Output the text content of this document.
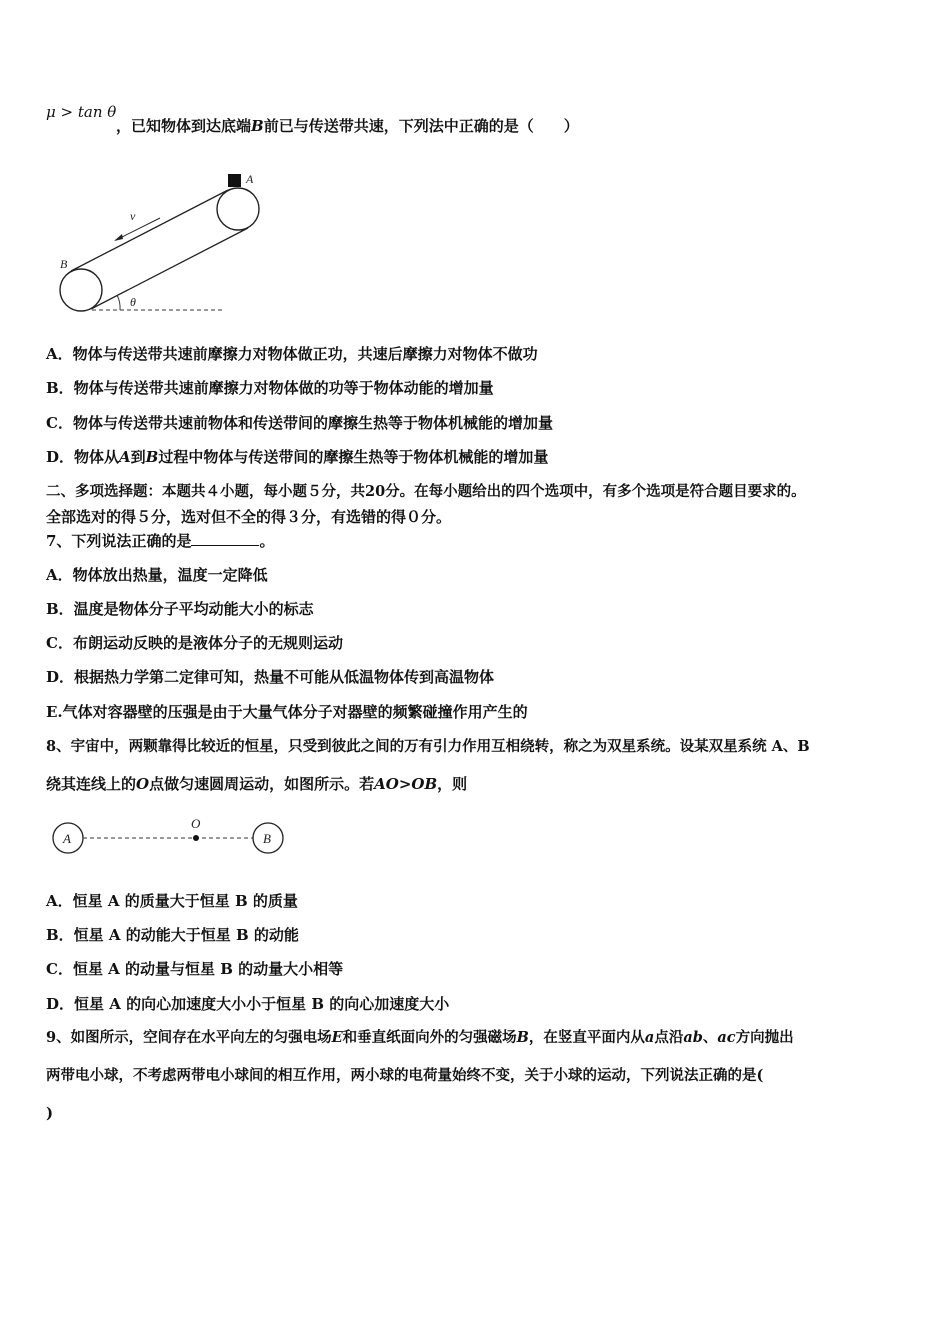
μ > tan θ
，已知物体到达底端B前已与传送带共速，下列法中正确的是（　　）
A
B
v
θ
A．物体与传送带共速前摩擦力对物体做正功，共速后摩擦力对物体不做功
B．物体与传送带共速前摩擦力对物体做的功等于物体动能的增加量
C．物体与传送带共速前物体和传送带间的摩擦生热等于物体机械能的增加量
D．物体从A到B过程中物体与传送带间的摩擦生热等于物体机械能的增加量
二、多项选择题：本题共４小题，每小题５分，共20分。在每小题给出的四个选项中，有多个选项是符合题目要求的。
全部选对的得５分，选对但不全的得３分，有选错的得０分。
7、下列说法正确的是	。
A．物体放出热量，温度一定降低
B．温度是物体分子平均动能大小的标志
C．布朗运动反映的是液体分子的无规则运动
D．根据热力学第二定律可知，热量不可能从低温物体传到高温物体
E.气体对容器壁的压强是由于大量气体分子对器壁的频繁碰撞作用产生的
8、宇宙中，两颗靠得比较近的恒星，只受到彼此之间的万有引力作用互相绕转，称之为双星系统。设某双星系统 A、B
绕其连线上的O点做匀速圆周运动，如图所示。若AO>OB，则
A
O
B
A．恒星 A 的质量大于恒星 B 的质量
B．恒星 A 的动能大于恒星 B 的动能
C．恒星 A 的动量与恒星 B 的动量大小相等
D．恒星 A 的向心加速度大小小于恒星 B 的向心加速度大小
9、如图所示，空间存在水平向左的匀强电场E和垂直纸面向外的匀强磁场B，在竖直平面内从a点沿ab、ac方向抛出
两带电小球，不考虑两带电小球间的相互作用，两小球的电荷量始终不变，关于小球的运动，下列说法正确的是(
)
